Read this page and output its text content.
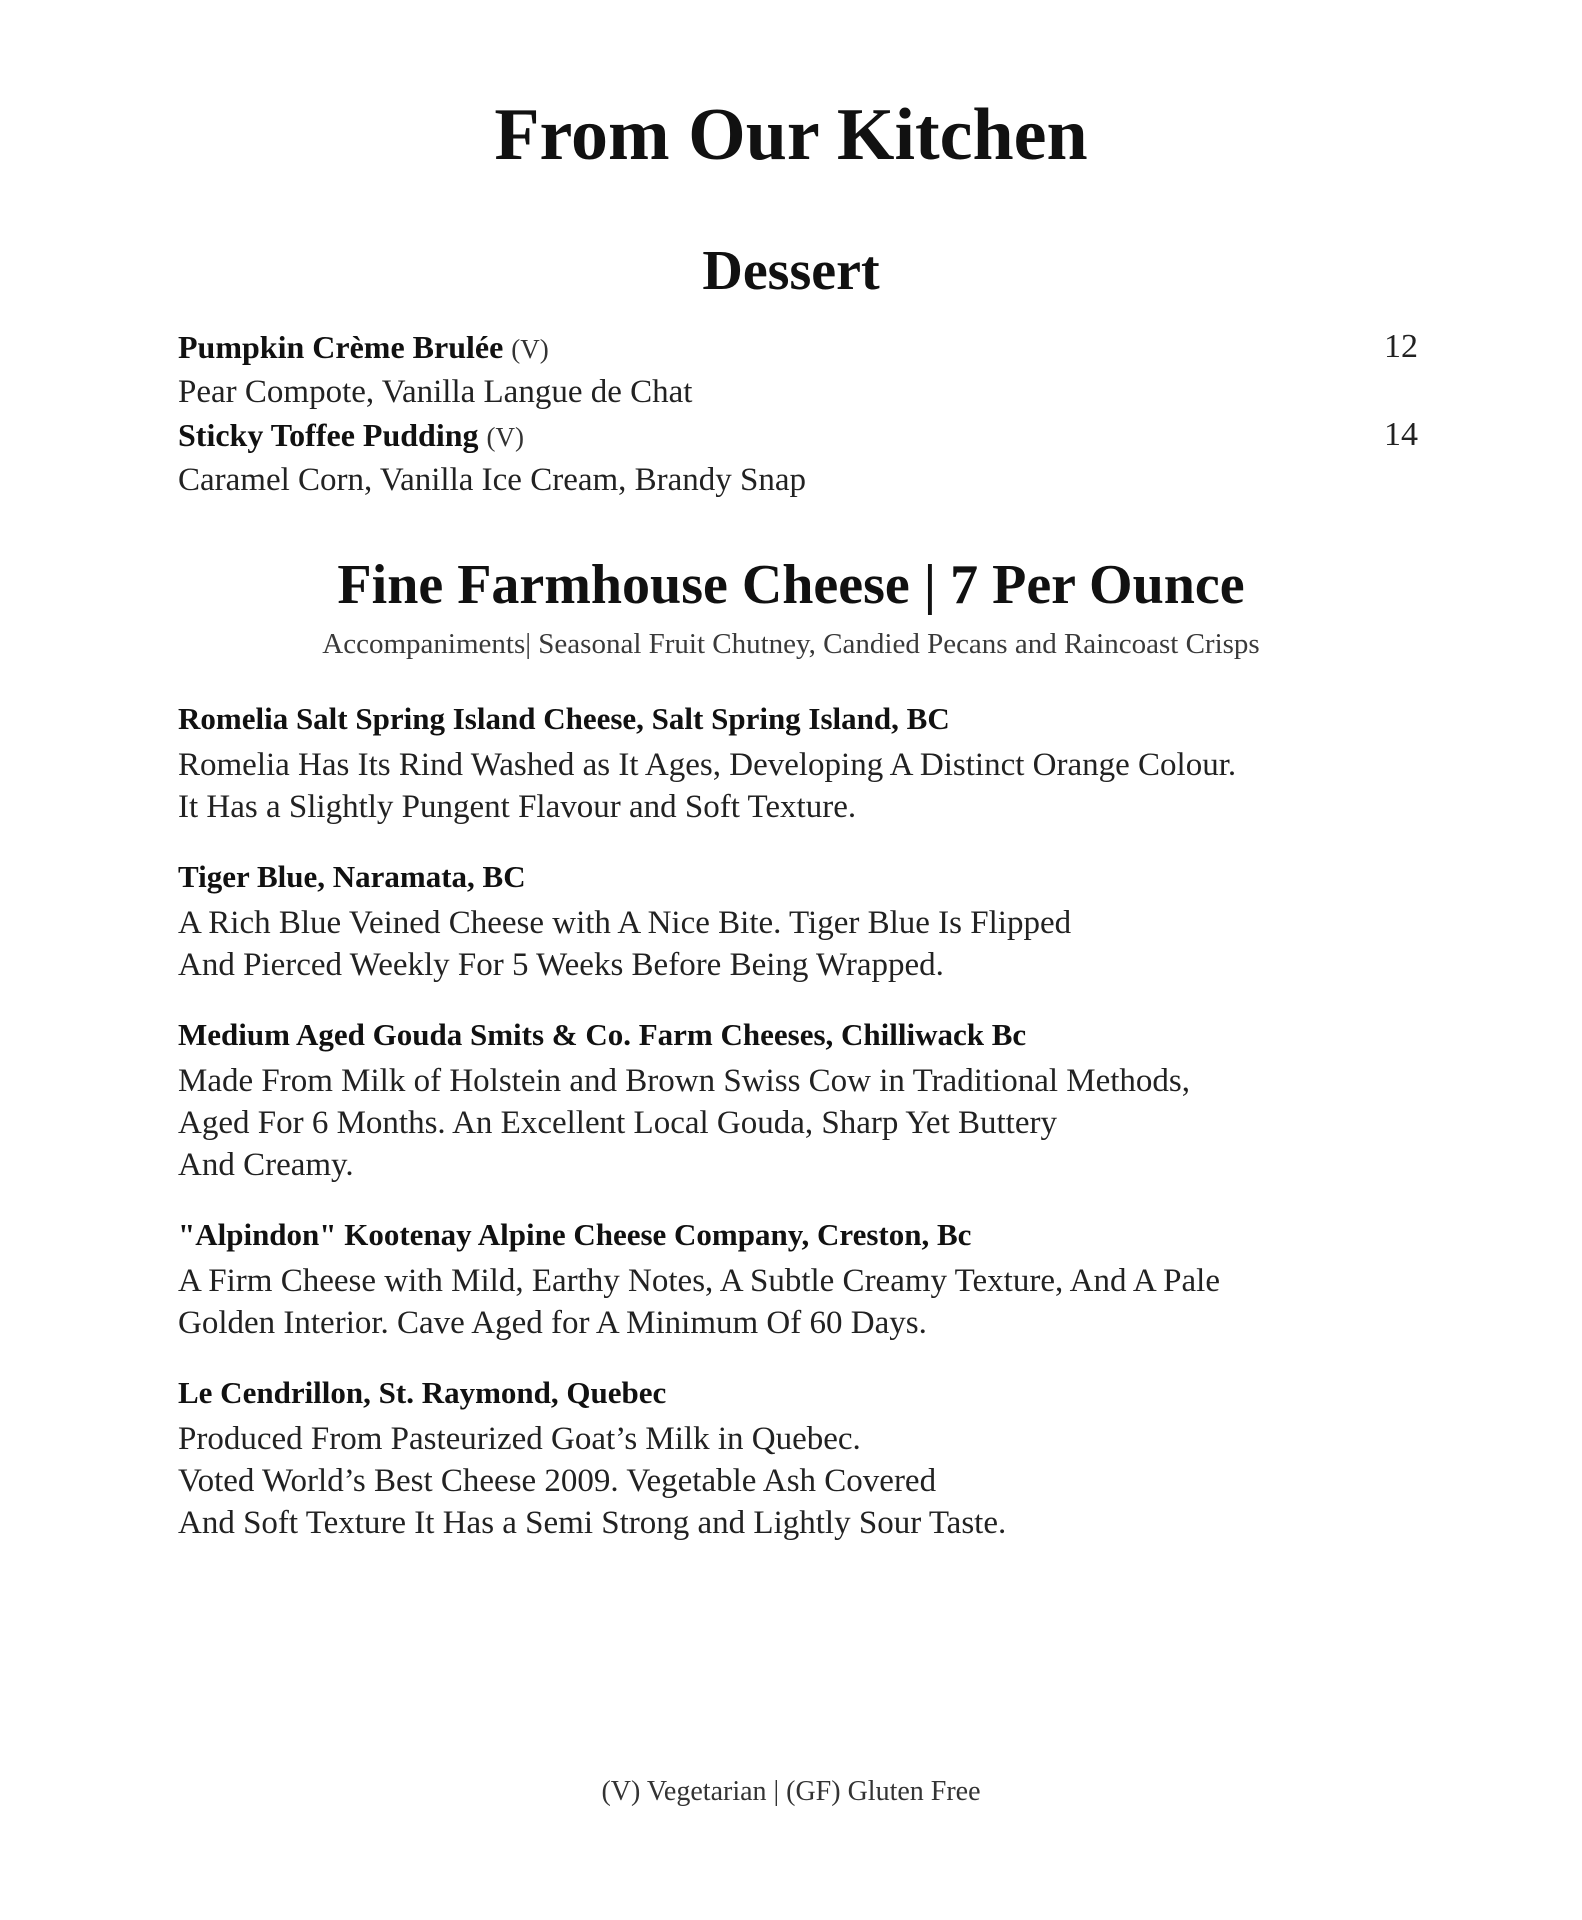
From Our Kitchen
Dessert
Pumpkin Crème Brulée (V)	12
Pear Compote, Vanilla Langue de Chat
Sticky Toffee Pudding (V)	14
Caramel Corn, Vanilla Ice Cream, Brandy Snap
Fine Farmhouse Cheese | 7 Per Ounce
Accompaniments| Seasonal Fruit Chutney, Candied Pecans and Raincoast Crisps
Romelia Salt Spring Island Cheese, Salt Spring Island, BC
Romelia Has Its Rind Washed as It Ages, Developing A Distinct Orange Colour.
It Has a Slightly Pungent Flavour and Soft Texture.
Tiger Blue, Naramata, BC
A Rich Blue Veined Cheese with A Nice Bite. Tiger Blue Is Flipped
And Pierced Weekly For 5 Weeks Before Being Wrapped.
Medium Aged Gouda Smits & Co. Farm Cheeses, Chilliwack Bc
Made From Milk of Holstein and Brown Swiss Cow in Traditional Methods,
Aged For 6 Months. An Excellent Local Gouda, Sharp Yet Buttery
And Creamy.
"Alpindon" Kootenay Alpine Cheese Company, Creston, Bc
A Firm Cheese with Mild, Earthy Notes, A Subtle Creamy Texture, And A Pale
Golden Interior. Cave Aged for A Minimum Of 60 Days.
Le Cendrillon, St. Raymond, Quebec
Produced From Pasteurized Goat’s Milk in Quebec.
Voted World’s Best Cheese 2009. Vegetable Ash Covered
And Soft Texture It Has a Semi Strong and Lightly Sour Taste.
(V) Vegetarian | (GF) Gluten Free
